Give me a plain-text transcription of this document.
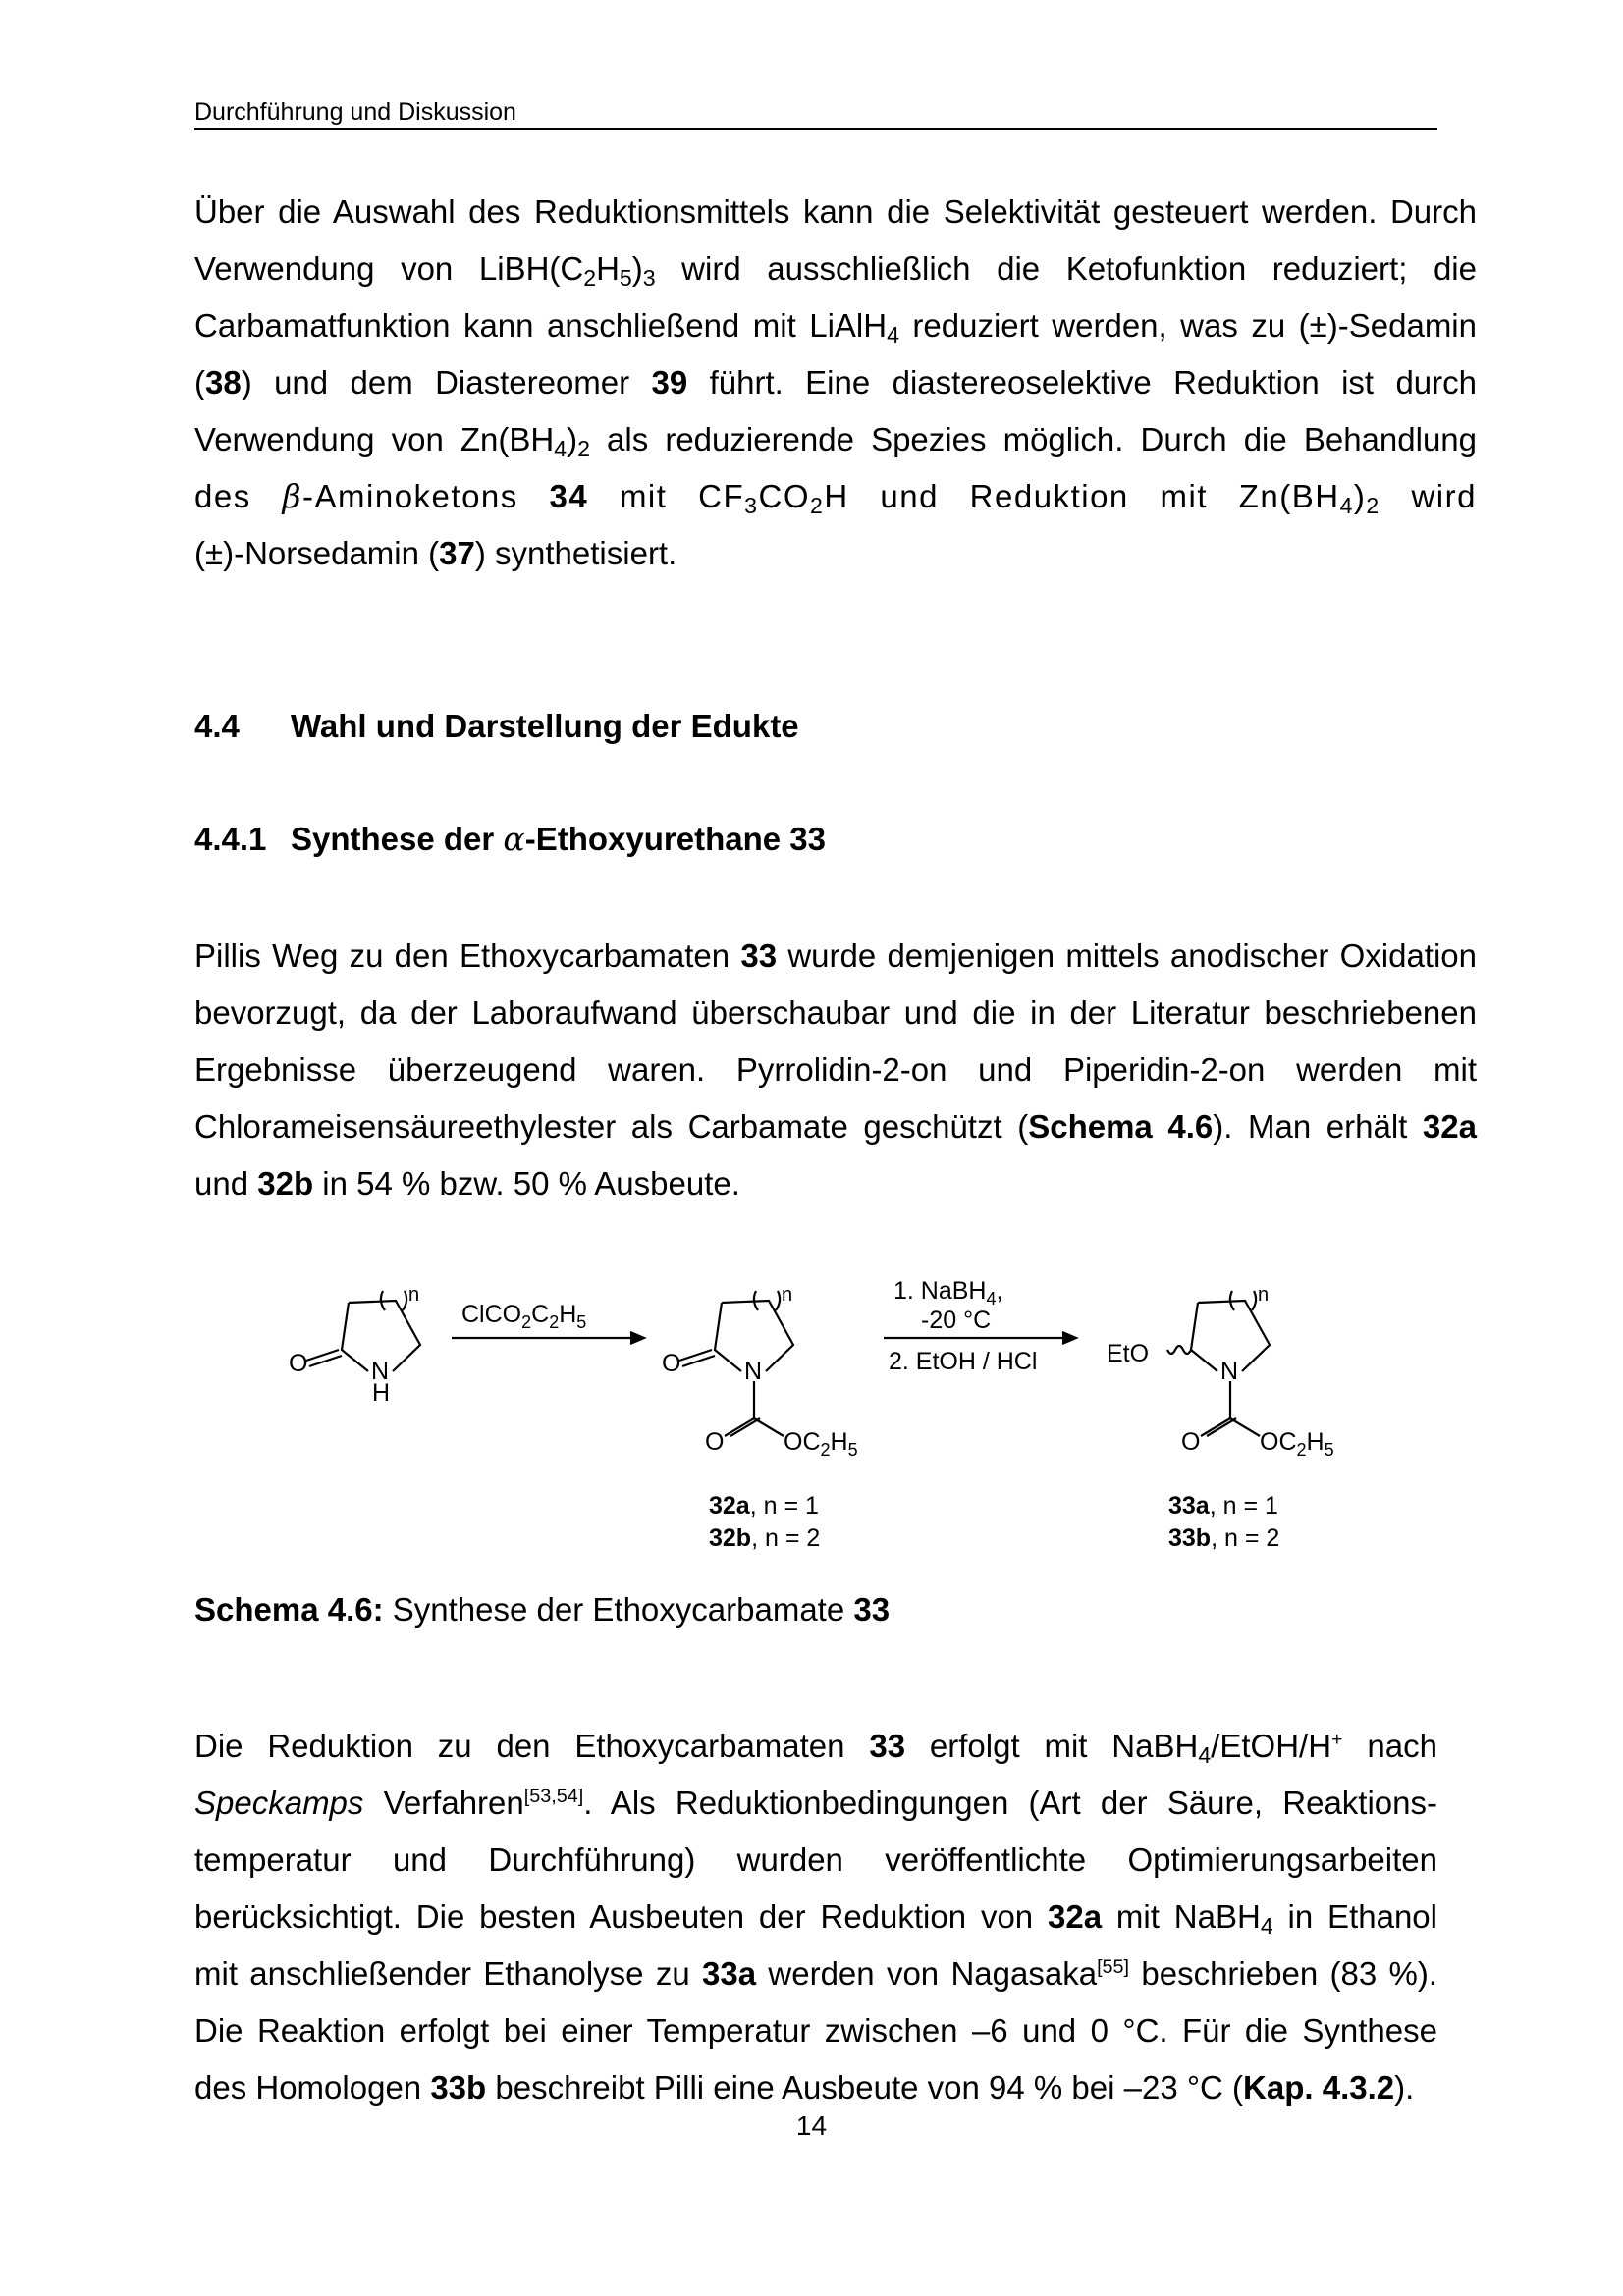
Durchführung und Diskussion
Über die Auswahl des Reduktionsmittels kann die Selektivität gesteuert werden. Durch
Verwendung von $LiBH(C_2H_5)_3$ wird ausschließlich die Ketofunktion reduziert; die
Carbamatfunktion kann anschließend mit LiAlH$_4$ reduziert werden, was zu (±)-Sedamin
(38) und dem Diastereomer 39 führt. Eine diastereoselektive Reduktion ist durch
Verwendung von $Zn(BH_4)_2$ als reduzierende Spezies möglich. Durch die Behandlung
des β-Aminoketons 34 mit $CF_3CO_2H$ und Reduktion mit $Zn(BH_4)_2$ wird
(±)-Norsedamin (37) synthetisiert.
4.4 Wahl und Darstellung der Edukte
4.4.1 Synthese der α-Ethoxyurethane 33
Pillis Weg zu den Ethoxycarbamaten 33 wurde demjenigen mittels anodischer Oxidation
bevorzugt, da der Laboraufwand überschaubar und die in der Literatur beschriebenen
Ergebnisse überzeugend waren. Pyrrolidin-2-on und Piperidin-2-on werden mit
Chlorameisensäureethylester als Carbamate geschützt (Schema 4.6). Man erhält 32a
und 32b in 54 % bzw. 50 % Ausbeute.
O	N
H
n
$ClCO_2C_2H_5$
O	N
n
O $OC_2H_5$
1. NaBH$_4$,
-20 °C
2. EtOH / HCl	EtO
N
n
O $OC_2H_5$
32a, n = 1
32b, n = 2
33a, n = 1
33b, n = 2
Schema 4.6: Synthese der Ethoxycarbamate 33
Die Reduktion zu den Ethoxycarbamaten 33 erfolgt mit NaBH$_4$/EtOH/H+ nach
Speckamps Verfahren[53,54]. Als Reduktionbedingungen (Art der Säure, Reaktions-
temperatur und Durchführung) wurden veröffentlichte Optimierungsarbeiten
berücksichtigt. Die besten Ausbeuten der Reduktion von 32a mit NaBH$_4$ in Ethanol
mit anschließender Ethanolyse zu 33a werden von Nagasaka[55] beschrieben (83 %).
Die Reaktion erfolgt bei einer Temperatur zwischen –6 und 0 °C. Für die Synthese
des Homologen 33b beschreibt Pilli eine Ausbeute von 94 % bei –23 °C (Kap. 4.3.2).
14
